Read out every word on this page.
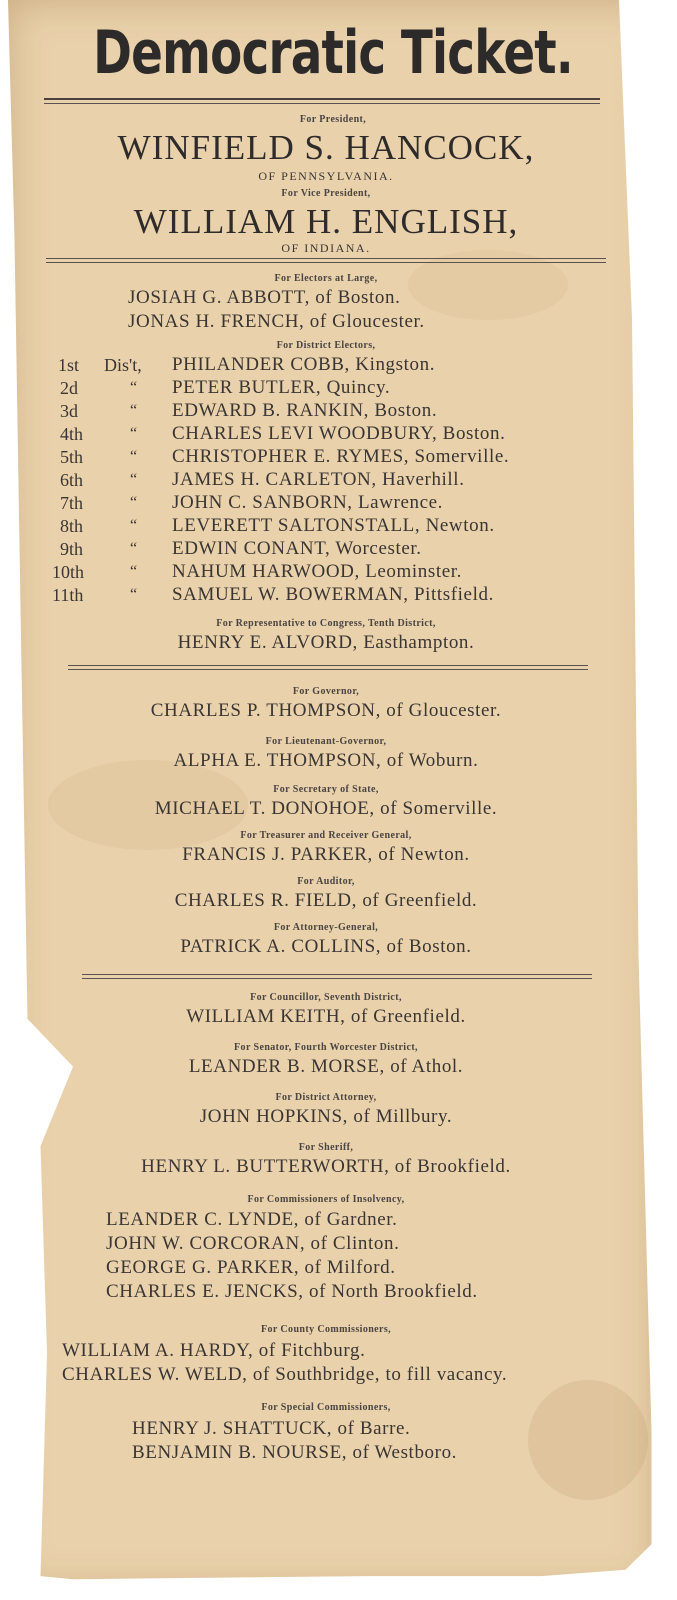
Democratic Ticket.
For President,
WINFIELD S. HANCOCK,
OF PENNSYLVANIA.
For Vice President,
WILLIAM H. ENGLISH,
OF INDIANA.
For Electors at Large,
JOSIAH G. ABBOTT, of Boston.
JONAS H. FRENCH, of Gloucester.
For District Electors,
1st Dis't, PHILANDER COBB, Kingston.
2d	“ PETER BUTLER, Quincy.
3d	“ EDWARD B. RANKIN, Boston.
4th	“ CHARLES LEVI WOODBURY, Boston.
5th	“ CHRISTOPHER E. RYMES, Somerville.
6th	“ JAMES H. CARLETON, Haverhill.
7th	“ JOHN C. SANBORN, Lawrence.
8th	“ LEVERETT SALTONSTALL, Newton.
9th	“ EDWIN CONANT, Worcester.
10th	“ NAHUM HARWOOD, Leominster.
11th	“ SAMUEL W. BOWERMAN, Pittsfield.
For Representative to Congress, Tenth District,
HENRY E. ALVORD, Easthampton.
For Governor,
CHARLES P. THOMPSON, of Gloucester.
For Lieutenant-Governor,
ALPHA E. THOMPSON, of Woburn.
For Secretary of State,
MICHAEL T. DONOHOE, of Somerville.
For Treasurer and Receiver General,
FRANCIS J. PARKER, of Newton.
For Auditor,
CHARLES R. FIELD, of Greenfield.
For Attorney-General,
PATRICK A. COLLINS, of Boston.
For Councillor, Seventh District,
WILLIAM KEITH, of Greenfield.
For Senator, Fourth Worcester District,
LEANDER B. MORSE, of Athol.
For District Attorney,
JOHN HOPKINS, of Millbury.
For Sheriff,
HENRY L. BUTTERWORTH, of Brookfield.
For Commissioners of Insolvency,
LEANDER C. LYNDE, of Gardner.
JOHN W. CORCORAN, of Clinton.
GEORGE G. PARKER, of Milford.
CHARLES E. JENCKS, of North Brookfield.
For County Commissioners,
WILLIAM A. HARDY, of Fitchburg.
CHARLES W. WELD, of Southbridge, to fill vacancy.
For Special Commissioners,
HENRY J. SHATTUCK, of Barre.
BENJAMIN B. NOURSE, of Westboro.
